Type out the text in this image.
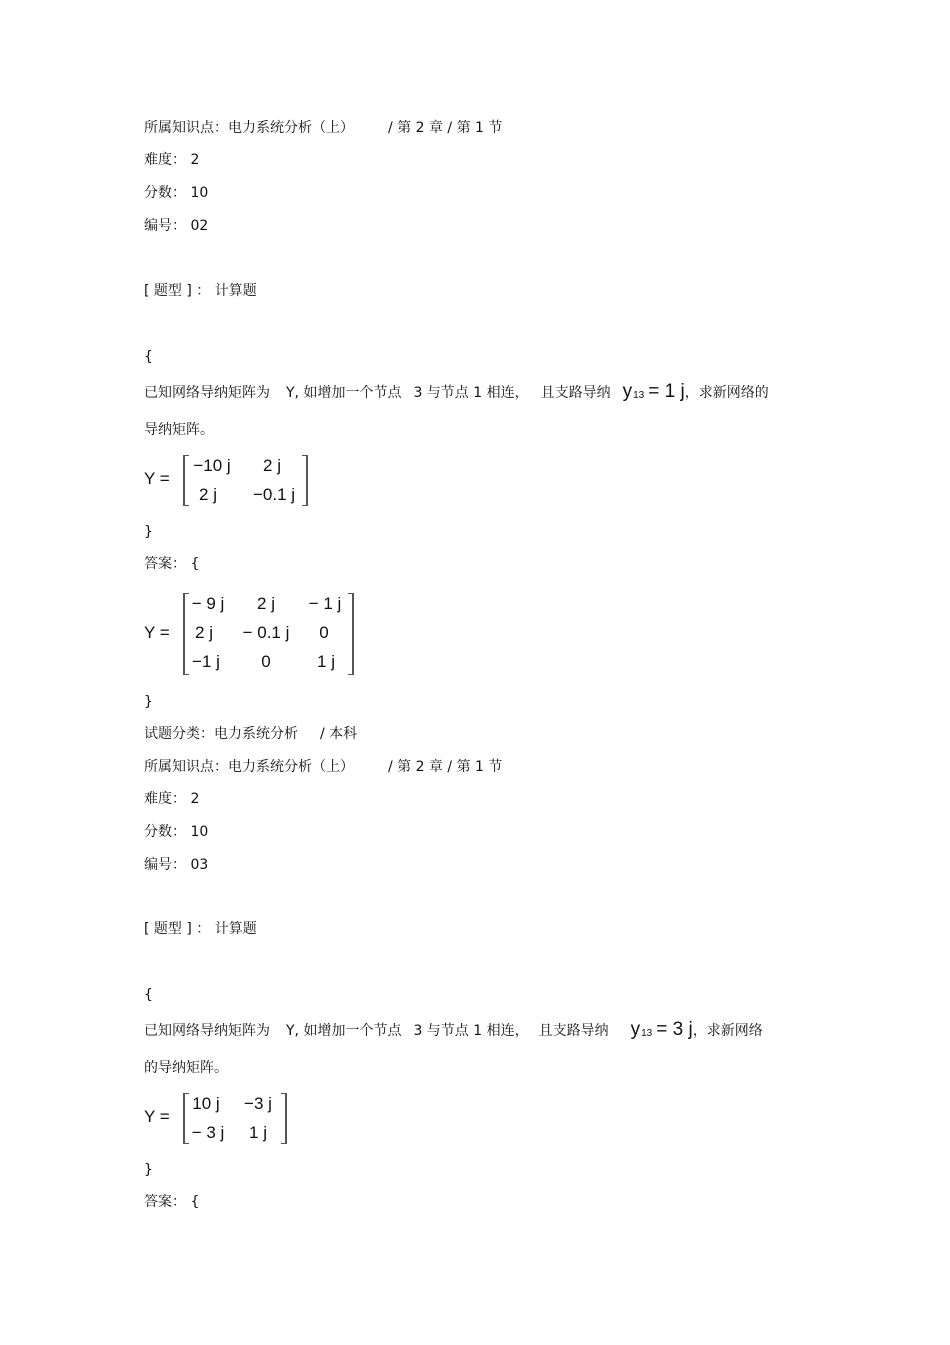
所属知识点：电力系统分析（上） / 第 2 章 / 第 1 节
难度： 2
分数： 10
编号： 02
[ 题型 ] ： 计算题
{
已知网络导纳矩阵为 Y, 如增加一个节点 3 与节点 1 相连， 且支路导纳 y13 = 1 j，求新网络的
导纳矩阵。
Y =
−10 j	2 j
2 j	−0.1 j
}
答案： {
Y =
− 9 j	2 j	− 1 j
2 j	− 0.1 j	0
−1 j	0	1 j
}
试题分类：电力系统分析 / 本科
所属知识点：电力系统分析（上） / 第 2 章 / 第 1 节
难度： 2
分数： 10
编号： 03
[ 题型 ] ： 计算题
{
已知网络导纳矩阵为 Y, 如增加一个节点 3 与节点 1 相连， 且支路导纳 y13 = 3 j，求新网络
的导纳矩阵。
Y =
10 j	−3 j
− 3 j	1 j
}
答案： {
